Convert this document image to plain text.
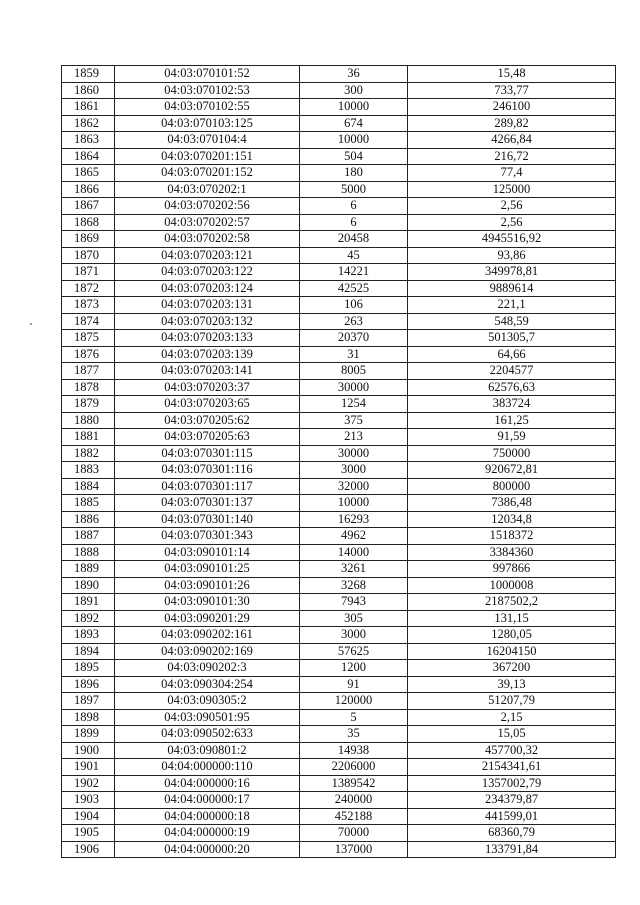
1859	04:03:070101:52	36	15,48
1860	04:03:070102:53	300	733,77
1861	04:03:070102:55	10000	246100
1862	04:03:070103:125	674	289,82
1863	04:03:070104:4	10000	4266,84
1864	04:03:070201:151	504	216,72
1865	04:03:070201:152	180	77,4
1866	04:03:070202:1	5000	125000
1867	04:03:070202:56	6	2,56
1868	04:03:070202:57	6	2,56
1869	04:03:070202:58	20458	4945516,92
1870	04:03:070203:121	45	93,86
1871	04:03:070203:122	14221	349978,81
1872	04:03:070203:124	42525	9889614
1873	04:03:070203:131	106	221,1
1874	04:03:070203:132	263	548,59
1875	04:03:070203:133	20370	501305,7
1876	04:03:070203:139	31	64,66
1877	04:03:070203:141	8005	2204577
1878	04:03:070203:37	30000	62576,63
1879	04:03:070203:65	1254	383724
1880	04:03:070205:62	375	161,25
1881	04:03:070205:63	213	91,59
1882	04:03:070301:115	30000	750000
1883	04:03:070301:116	3000	920672,81
1884	04:03:070301:117	32000	800000
1885	04:03:070301:137	10000	7386,48
1886	04:03:070301:140	16293	12034,8
1887	04:03:070301:343	4962	1518372
1888	04:03:090101:14	14000	3384360
1889	04:03:090101:25	3261	997866
1890	04:03:090101:26	3268	1000008
1891	04:03:090101:30	7943	2187502,2
1892	04:03:090201:29	305	131,15
1893	04:03:090202:161	3000	1280,05
1894	04:03:090202:169	57625	16204150
1895	04:03:090202:3	1200	367200
1896	04:03:090304:254	91	39,13
1897	04:03:090305:2	120000	51207,79
1898	04:03:090501:95	5	2,15
1899	04:03:090502:633	35	15,05
1900	04:03:090801:2	14938	457700,32
1901	04:04:000000:110	2206000	2154341,61
1902	04:04:000000:16	1389542	1357002,79
1903	04:04:000000:17	240000	234379,87
1904	04:04:000000:18	452188	441599,01
1905	04:04:000000:19	70000	68360,79
1906	04:04:000000:20	137000	133791,84
